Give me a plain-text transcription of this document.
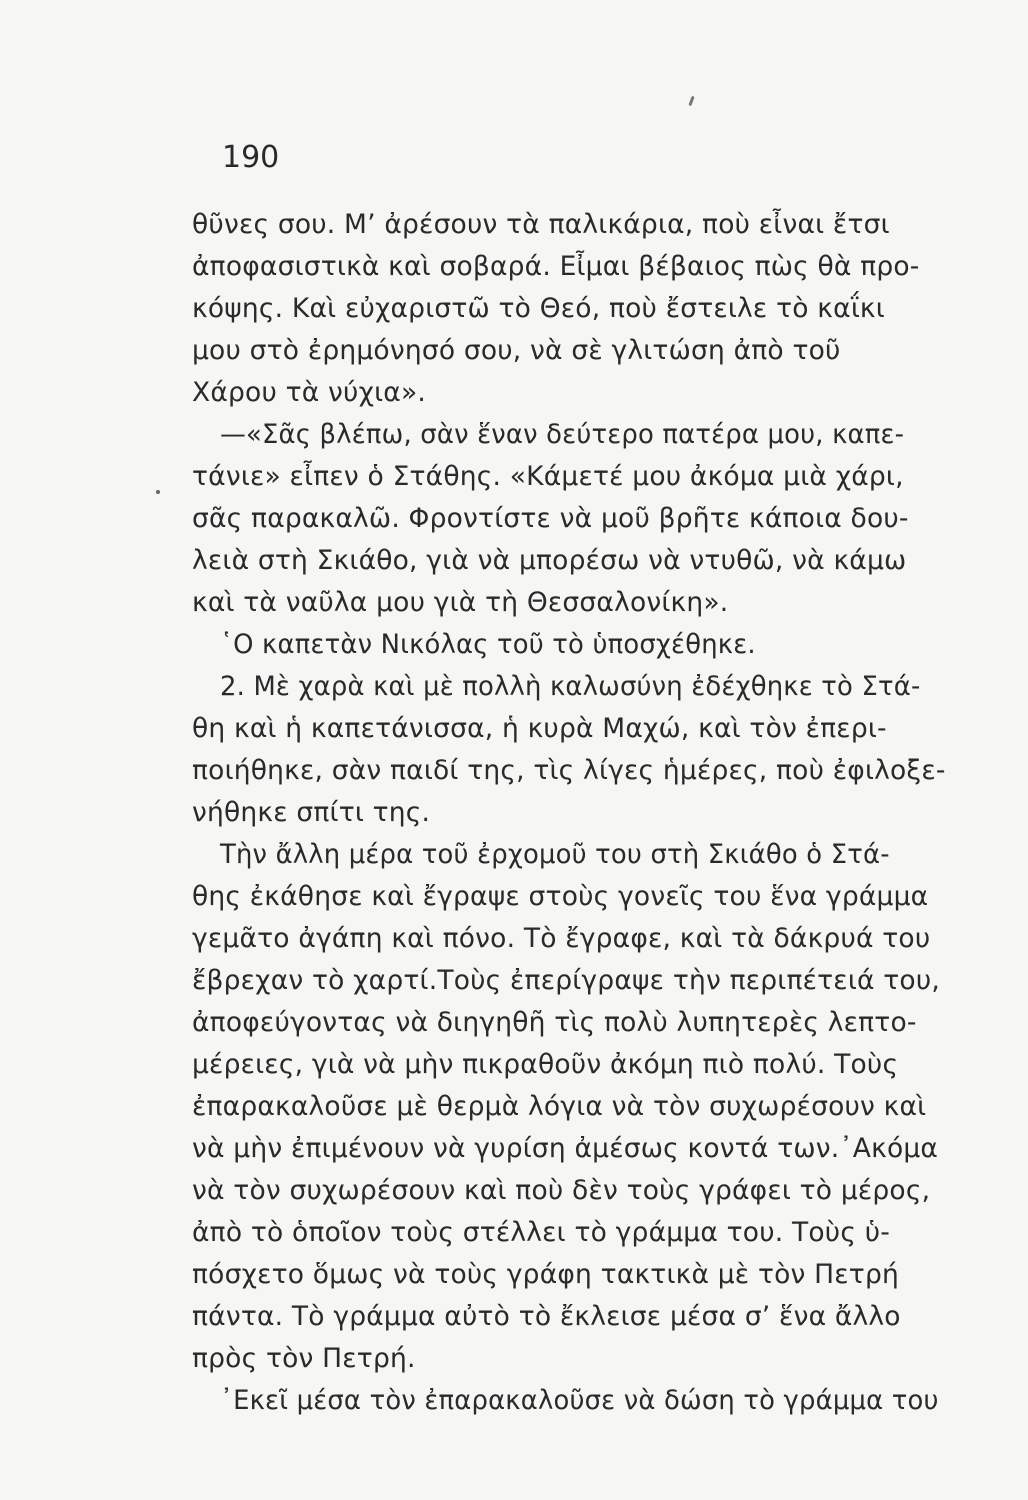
190
θῦνες σου. Μ’ ἀρέσουν τὰ παλικάρια, ποὺ εἶναι ἔτσι
ἀποφασιστικὰ καὶ σοβαρά. Εἶμαι βέβαιος πὼς θὰ προ-
κόψης. Καὶ εὐχαριστῶ τὸ Θεό, ποὺ ἔστειλε τὸ καΐκι
μου στὸ ἐρημόνησό σου, νὰ σὲ γλιτώση ἀπὸ τοῦ
Χάρου τὰ νύχια».
—«Σᾶς βλέπω, σὰν ἕναν δεύτερο πατέρα μου, καπε-
τάνιε» εἶπεν ὁ Στάθης. «Κάμετέ μου ἀκόμα μιὰ χάρι,
σᾶς παρακαλῶ. Φροντίστε νὰ μοῦ βρῆτε κάποια δου-
λειὰ στὴ Σκιάθο, γιὰ νὰ μπορέσω νὰ ντυθῶ, νὰ κάμω
καὶ τὰ ναῦλα μου γιὰ τὴ Θεσσαλονίκη».
῾Ο καπετὰν Νικόλας τοῦ τὸ ὑποσχέθηκε.
2. Μὲ χαρὰ καὶ μὲ πολλὴ καλωσύνη ἐδέχθηκε τὸ Στά-
θη καὶ ἡ καπετάνισσα, ἡ κυρὰ Μαχώ, καὶ τὸν ἐπερι-
ποιήθηκε, σὰν παιδί της, τὶς λίγες ἡμέρες, ποὺ ἐφιλοξε-
νήθηκε σπίτι της.
Τὴν ἄλλη μέρα τοῦ ἐρχομοῦ του στὴ Σκιάθο ὁ Στά-
θης ἐκάθησε καὶ ἔγραψε στοὺς γονεῖς του ἕνα γράμμα
γεμᾶτο ἀγάπη καὶ πόνο. Τὸ ἔγραφε, καὶ τὰ δάκρυά του
ἔβρεχαν τὸ χαρτί.Τοὺς ἐπερίγραψε τὴν περιπέτειά του,
ἀποφεύγοντας νὰ διηγηθῆ τὶς πολὺ λυπητερὲς λεπτο-
μέρειες, γιὰ νὰ μὴν πικραθοῦν ἀκόμη πιὸ πολύ. Τοὺς
ἐπαρακαλοῦσε μὲ θερμὰ λόγια νὰ τὸν συχωρέσουν καὶ
νὰ μὴν ἐπιμένουν νὰ γυρίση ἀμέσως κοντά των.᾿Ακόμα
νὰ τὸν συχωρέσουν καὶ ποὺ δὲν τοὺς γράφει τὸ μέρος,
ἀπὸ τὸ ὁποῖον τοὺς στέλλει τὸ γράμμα του. Τοὺς ὑ-
πόσχετο ὅμως νὰ τοὺς γράφη τακτικὰ μὲ τὸν Πετρή
πάντα. Τὸ γράμμα αὐτὸ τὸ ἔκλεισε μέσα σ’ ἕνα ἄλλο
πρὸς τὸν Πετρή.
᾿Εκεῖ μέσα τὸν ἐπαρακαλοῦσε νὰ δώση τὸ γράμμα του
